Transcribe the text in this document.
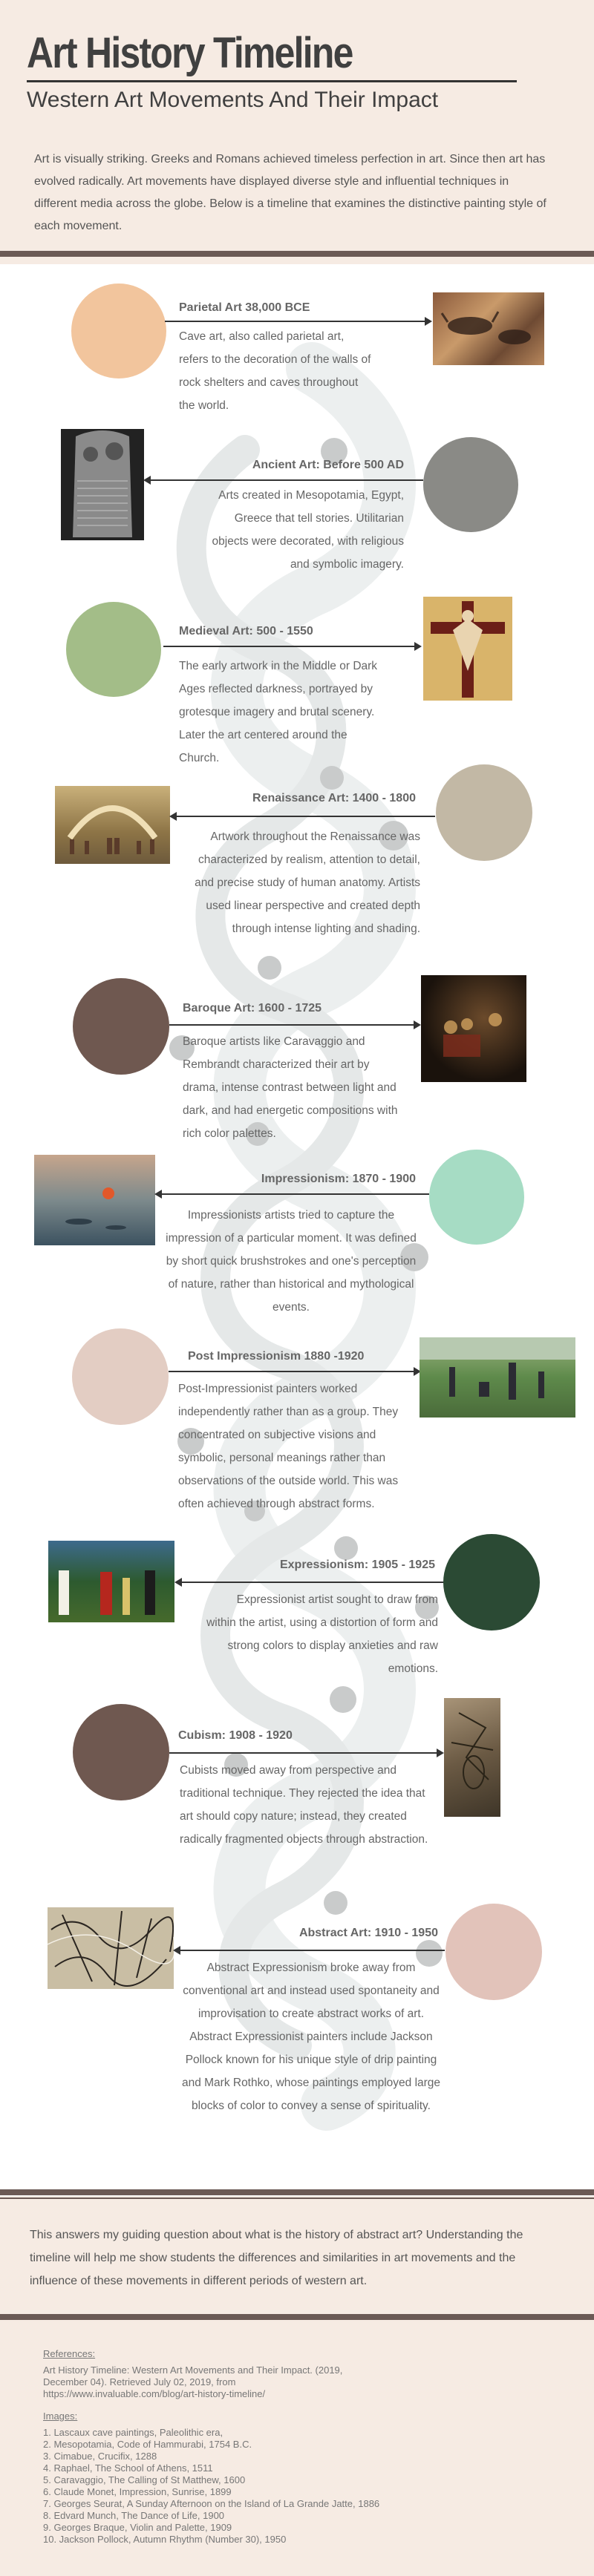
Art History Timeline
Western Art Movements And Their Impact
Art is visually striking. Greeks and Romans achieved timeless perfection in art. Since then art has evolved radically. Art movements have displayed diverse style and influential techniques in different media across the globe. Below is a timeline that examines the distinctive painting style of each movement.
Parietal Art 38,000 BCE
Cave art, also called parietal art, refers to the decoration of the walls of rock shelters and caves throughout the world.
Ancient Art: Before 500 AD
Arts created in Mesopotamia, Egypt, Greece that tell stories. Utilitarian objects were decorated, with religious and symbolic imagery.
Medieval Art: 500 - 1550
The early artwork in the Middle or Dark Ages reflected darkness, portrayed by grotesque imagery and brutal scenery. Later the art centered around the Church.
Renaissance Art: 1400 - 1800
Artwork throughout the Renaissance was characterized by realism, attention to detail, and precise study of human anatomy. Artists used linear perspective and created depth through intense lighting and shading.
Baroque Art: 1600 - 1725
Baroque artists like Caravaggio and Rembrandt characterized their art by drama, intense contrast between light and dark, and had energetic compositions with rich color palettes.
Impressionism: 1870 - 1900
Impressionists artists tried to capture the impression of a particular moment. It was defined by short quick brushstrokes and one's perception of nature, rather than historical and mythological events.
Post Impressionism 1880 -1920
Post-Impressionist painters worked independently rather than as a group. They concentrated on subjective visions and symbolic, personal meanings rather than observations of the outside world. This was often achieved through abstract forms.
Expressionism: 1905 - 1925
Expressionist artist sought to draw from within the artist, using a distortion of form and strong colors to display anxieties and raw emotions.
Cubism: 1908 - 1920
Cubists moved away from perspective and traditional technique. They rejected the idea that art should copy nature; instead, they created radically fragmented objects through abstraction.
Abstract Art: 1910 - 1950
Abstract Expressionism broke away from conventional art and instead used spontaneity and improvisation to create abstract works of art. Abstract Expressionist painters include Jackson Pollock known for his unique style of drip painting and Mark Rothko, whose paintings employed large blocks of color to convey a sense of spirituality.
This answers my guiding question about what is the history of abstract art? Understanding the timeline will help me show students the differences and similarities in art movements and the influence of these movements in different periods of western art.
References:
Art History Timeline: Western Art Movements and Their Impact. (2019,
December 04). Retrieved July 02, 2019, from
https://www.invaluable.com/blog/art-history-timeline/
Images:
1. Lascaux cave paintings, Paleolithic era,
2. Mesopotamia, Code of Hammurabi, 1754 B.C.
3. Cimabue, Crucifix, 1288
4. Raphael, The School of Athens, 1511
5. Caravaggio, The Calling of St Matthew, 1600
6. Claude Monet, Impression, Sunrise, 1899
7. Georges Seurat, A Sunday Afternoon on the Island of La Grande Jatte, 1886
8. Edvard Munch, The Dance of Life, 1900
9. Georges Braque, Violin and Palette, 1909
10. Jackson Pollock, Autumn Rhythm (Number 30), 1950
